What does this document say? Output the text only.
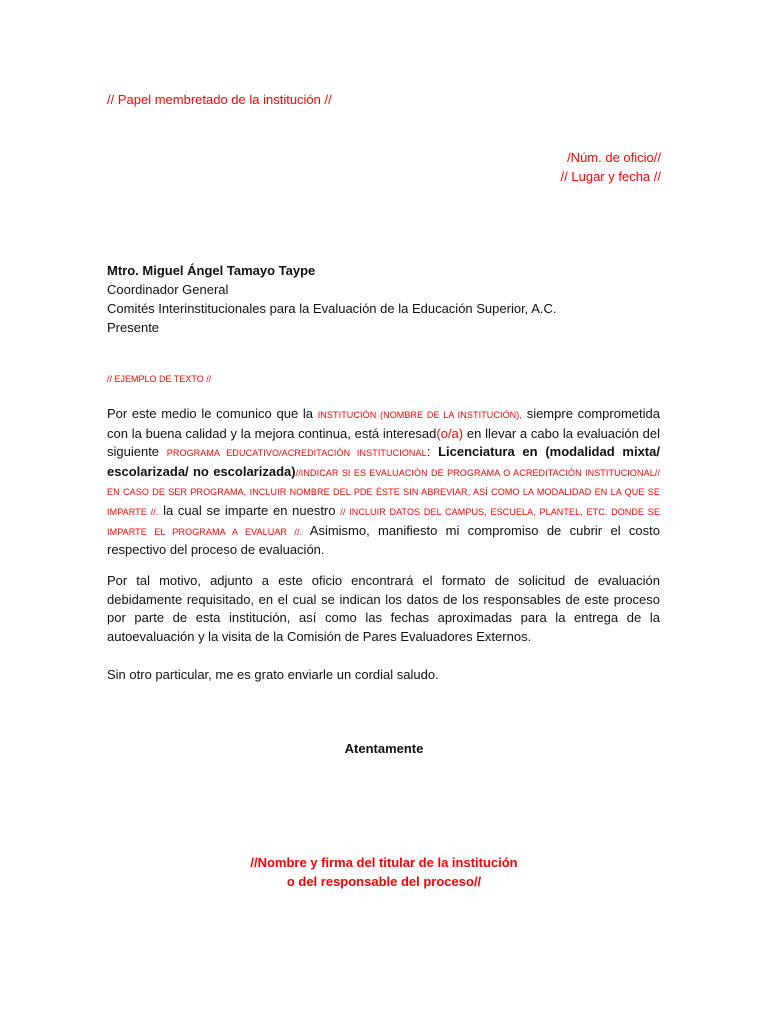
// Papel membretado de la institución //
/Núm. de oficio//
// Lugar y fecha //
Mtro. Miguel Ángel Tamayo Taype
Coordinador General
Comités Interinstitucionales para la Evaluación de la Educación Superior, A.C.
Presente
// EJEMPLO DE TEXTO //
Por este medio le comunico que la INSTITUCIÓN (NOMBRE DE LA INSTITUCIÓN), siempre comprometida con la buena calidad y la mejora continua, está interesad(o/a) en llevar a cabo la evaluación del siguiente PROGRAMA EDUCATIVO/ACREDITACIÓN INSTITUCIONAL: Licenciatura en (modalidad mixta/ escolarizada/ no escolarizada)//INDICAR SI ES EVALUACIÓN DE PROGRAMA O ACREDITACIÓN INSTITUCIONAL// EN CASO DE SER PROGRAMA, INCLUIR NOMBRE DEL PDE ÉSTE SIN ABREVIAR, ASÍ COMO LA MODALIDAD EN LA QUE SE IMPARTE //. la cual se imparte en nuestro // INCLUIR DATOS DEL CAMPUS, ESCUELA, PLANTEL, ETC. DONDE SE IMPARTE EL PROGRAMA A EVALUAR //. Asimismo, manifiesto mi compromiso de cubrir el costo respectivo del proceso de evaluación.
Por tal motivo, adjunto a este oficio encontrará el formato de solicitud de evaluación debidamente requisitado, en el cual se indican los datos de los responsables de este proceso por parte de esta institución, así como las fechas aproximadas para la entrega de la autoevaluación y la visita de la Comisión de Pares Evaluadores Externos.
Sin otro particular, me es grato enviarle un cordial saludo.
Atentamente
//Nombre y firma del titular de la institución
o del responsable del proceso//
